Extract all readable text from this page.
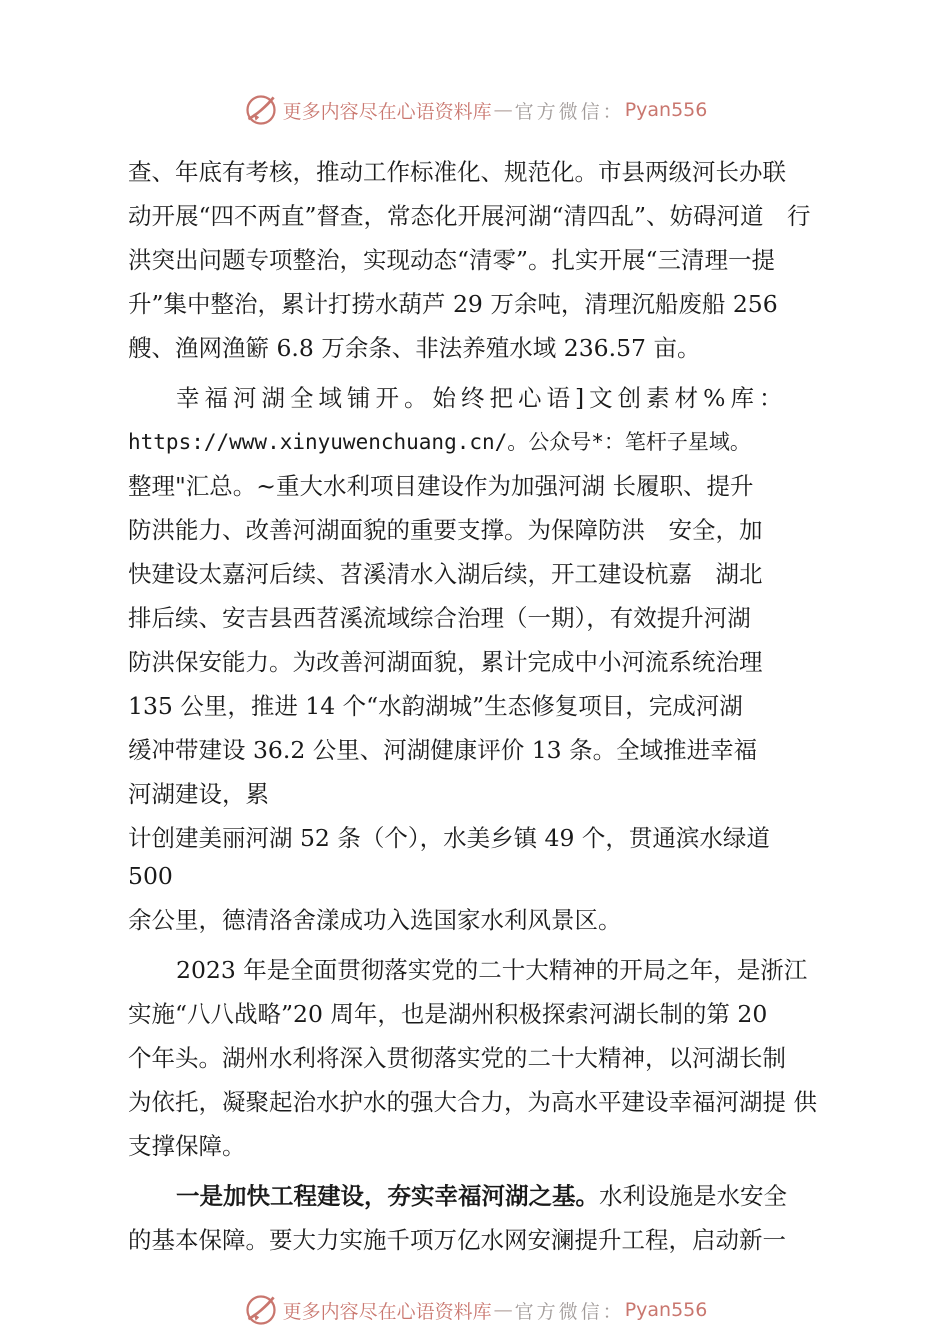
更多内容尽在心语资料库 — 官方微信： Pyan556
查、年底有考核，推动工作标准化、规范化。市县两级河长办联
动开展“四不两直”督查，常态化开展河湖“清四乱”、妨碍河道　行
洪突出问题专项整治，实现动态“清零”。扎实开展“三清理一提
升”集中整治，累计打捞水葫芦 29 万余吨，清理沉船废船 256
艘、渔网渔簖 6.8 万余条、非法养殖水域 236.57 亩。
幸福河湖全域铺开。始终把心语]文创素材%库：
https://www.xinyuwenchuang.cn/。公众号*：笔杆子星域。
整理"汇总。~重大水利项目建设作为加强河湖 长履职、提升
防洪能力、改善河湖面貌的重要支撑。为保障防洪　安全，加
快建设太嘉河后续、苕溪清水入湖后续，开工建设杭嘉　湖北
排后续、安吉县西苕溪流域综合治理（一期），有效提升河湖
防洪保安能力。为改善河湖面貌，累计完成中小河流系统治理
135 公里，推进 14 个“水韵湖城”生态修复项目，完成河湖
缓冲带建设 36.2 公里、河湖健康评价 13 条。全域推进幸福
河湖建设，累
计创建美丽河湖 52 条（个），水美乡镇 49 个，贯通滨水绿道
500
余公里，德清洛舍漾成功入选国家水利风景区。
2023 年是全面贯彻落实党的二十大精神的开局之年，是浙江
实施“八八战略”20 周年，也是湖州积极探索河湖长制的第 20
个年头。湖州水利将深入贯彻落实党的二十大精神，以河湖长制
为依托，凝聚起治水护水的强大合力，为高水平建设幸福河湖提 供
支撑保障。
一是加快工程建设，夯实幸福河湖之基。水利设施是水安全
的基本保障。要大力实施千项万亿水网安澜提升工程，启动新一
更多内容尽在心语资料库 — 官方微信： Pyan556
